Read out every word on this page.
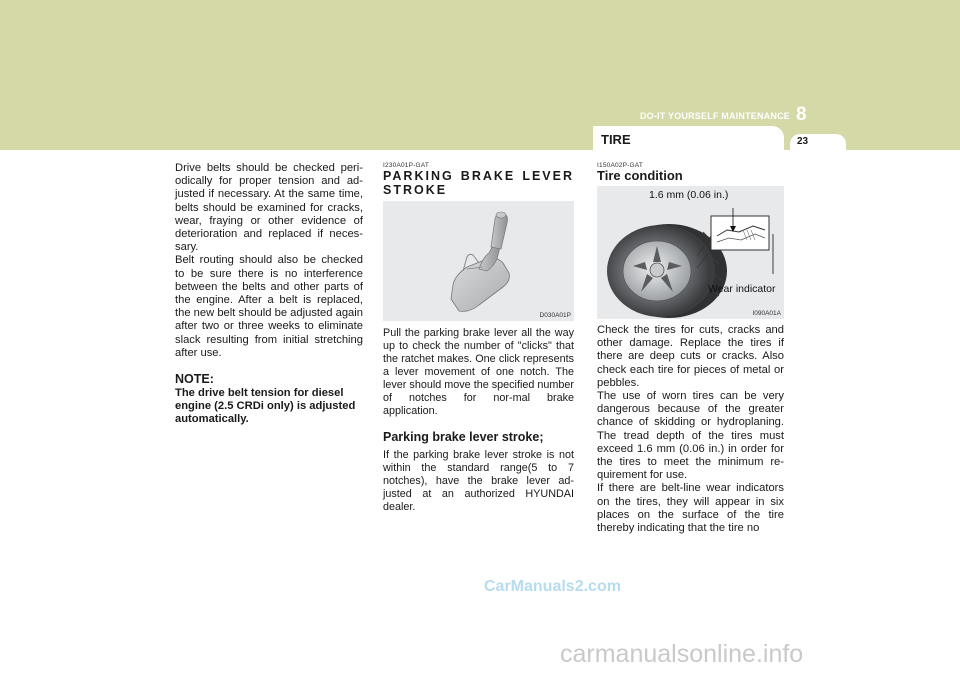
DO-IT YOURSELF MAINTENANCE 8
TIRE	23

Drive belts should be checked peri-odically for proper tension and ad-justed if necessary. At the same time, belts should be examined for cracks, wear, fraying or other evidence of deterioration and replaced if neces-sary.

Belt routing should also be checked to be sure there is no interference between the belts and other parts of the engine. After a belt is replaced, the new belt should be adjusted again after two or three weeks to eliminate slack resulting from initial stretching after use.

NOTE:
The drive belt tension for diesel engine (2.5 CRDi only) is adjusted automatically.
I230A01P-GAT
PARKING BRAKE LEVER STROKE
D030A01P

Pull the parking brake lever all the way up to check the number of "clicks" that the ratchet makes. One click represents a lever movement of one notch. The lever should move the specified number of notches for nor-mal brake application.

Parking brake lever stroke;

If the parking brake lever stroke is not within the standard range(5 to 7 notches), have the brake lever ad-justed at an authorized HYUNDAI dealer.

I150A02P-GAT
Tire condition
1.6 mm (0.06 in.)
Wear indicator
I090A01A

Check the tires for cuts, cracks and other damage. Replace the tires if there are deep cuts or cracks. Also check each tire for pieces of metal or pebbles.

The use of worn tires can be very dangerous because of the greater chance of skidding or hydroplaning. The tread depth of the tires must exceed 1.6 mm (0.06 in.) in order for the tires to meet the minimum re-quirement for use.

If there are belt-line wear indicators on the tires, they will appear in six places on the surface of the tire thereby indicating that the tire no

CarManuals2.com
carmanualsonline.info
